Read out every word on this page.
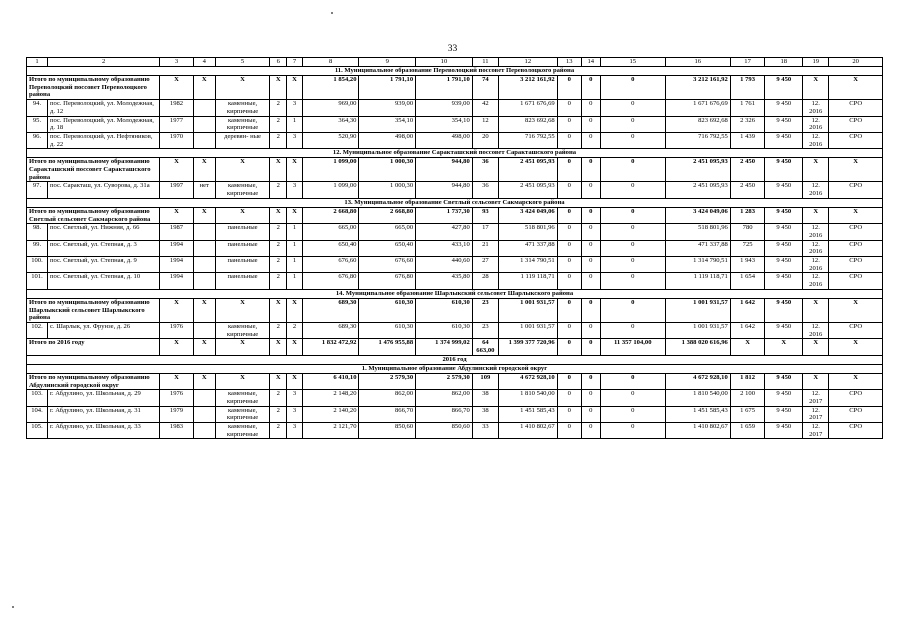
33
1	2	3	4	5	6	7	8	9	10	11	12	13	14	15	16	17	18	19	20
11. Муниципальное образование Переволоцкий поссовет Переволоцкого района																			
Итого по муниципальному образованию Переволоцкий поссовет Переволоцкого района		X	X	X	X	X	1 854,20	1 791,10	1 791,10	74	3 212 161,92	0	0	0	3 212 161,92	1 793	9 450	X	X
94.	пос. Переволоцкий, ул. Молодежная, д. 12	1982		каменные, кирпичные	2	3	969,00	939,00	939,00	42	1 671 676,69	0	0	0	1 671 676,69	1 761	9 450	12. 2016	СРО
95.	пос. Переволоцкий, ул. Молодежная, д. 18	1977		каменные, кирпичные	2	1	364,30	354,10	354,10	12	823 692,68	0	0	0	823 692,68	2 326	9 450	12. 2016	СРО
96.	пос. Переволоцкий, ул. Нефтяников, д. 22	1970		деревян- ные	2	3	520,90	498,00	498,00	20	716 792,55	0	0	0	716 792,55	1 439	9 450	12. 2016	СРО
12. Муниципальное образование Саракташский поссовет Саракташского района																			
Итого по муниципальному образованию Саракташский поссовет Саракташского района		X	X	X	X	X	1 099,00	1 000,30	944,80	36	2 451 095,93	0	0	0	2 451 095,93	2 450	9 450	X	X
97.	пос. Саракташ, ул. Суворова, д. 31а	1997	нет	каменные, кирпичные	2	3	1 099,00	1 000,30	944,80	36	2 451 095,93	0	0	0	2 451 095,93	2 450	9 450	12. 2016	СРО
13. Муниципальное образование Светлый сельсовет Сакмарского района																			
Итого по муниципальному образованию Светлый сельсовет Сакмарского района		X	X	X	X	X	2 668,80	2 668,80	1 737,30	93	3 424 049,06	0	0	0	3 424 049,06	1 283	9 450	X	X
98.	пос. Светлый, ул. Нижняя, д. 66	1987		панельные	2	1	665,00	665,00	427,80	17	518 801,96	0	0	0	518 801,96	780	9 450	12. 2016	СРО
99.	пос. Светлый, ул. Степная, д. 3	1994		панельные	2	1	650,40	650,40	433,10	21	471 337,88	0	0	0	471 337,88	725	9 450	12. 2016	СРО
100.	пос. Светлый, ул. Степная, д. 9	1994		панельные	2	1	676,60	676,60	440,60	27	1 314 790,51	0	0	0	1 314 790,51	1 943	9 450	12. 2016	СРО
101.	пос. Светлый, ул. Степная, д. 10	1994		панельные	2	1	676,80	676,80	435,80	28	1 119 118,71	0	0	0	1 119 118,71	1 654	9 450	12. 2016	СРО
14. Муниципальное образование Шарлыкский сельсовет Шарлыкского района																			
Итого по муниципальному образованию Шарлыкский сельсовет Шарлыкского района		X	X	X	X	X	689,30	610,30	610,30	23	1 001 931,57	0	0	0	1 001 931,57	1 642	9 450	X	X
102.	с. Шарлык, ул. Фрунзе, д. 26	1976		каменные, кирпичные	2	2	689,30	610,30	610,30	23	1 001 931,57	0	0	0	1 001 931,57	1 642	9 450	12. 2016	СРО
Итого по 2016 году		X	X	X	X	X	1 832 472,92	1 476 955,88	1 374 999,02	64 663,00	1 399 377 720,96	0	0	11 357 104,00	1 388 020 616,96	X	X	X	X
2016 год																			
1. Муниципальное образование Абдулинский городской округ																			
Итого по муниципальному образованию Абдулинский городской округ		X	X	X	X	X	6 410,10	2 579,30	2 579,30	109	4 672 928,10	0	0	0	4 672 928,10	1 812	9 450	X	X
103.	г. Абдулино, ул. Школьная, д. 29	1976		каменные, кирпичные	2	3	2 148,20	862,00	862,00	38	1 810 540,00	0	0	0	1 810 540,00	2 100	9 450	12. 2017	СРО
104.	г. Абдулино, ул. Школьная, д. 31	1979		каменные, кирпичные	2	3	2 140,20	866,70	866,70	38	1 451 585,43	0	0	0	1 451 585,43	1 675	9 450	12. 2017	СРО
105.	г. Абдулино, ул. Школьная, д. 33	1983		каменные, кирпичные	2	3	2 121,70	850,60	850,60	33	1 410 802,67	0	0	0	1 410 802,67	1 659	9 450	12. 2017	СРО
